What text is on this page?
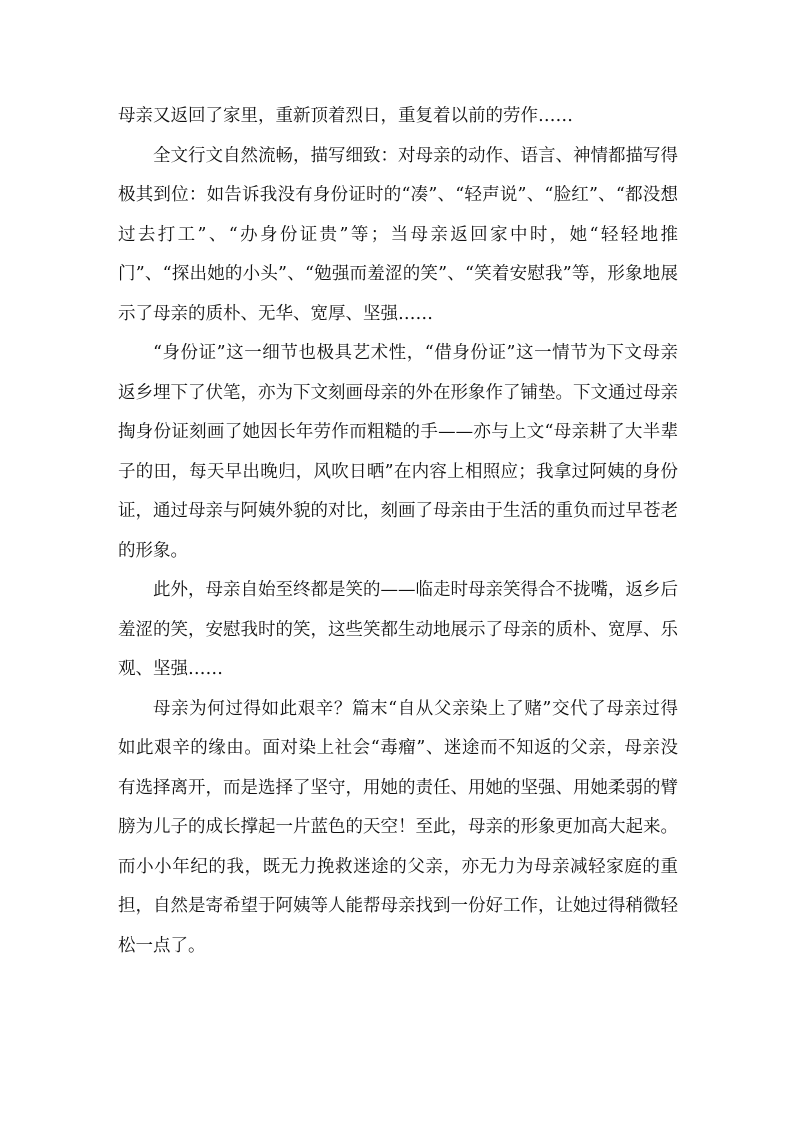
母亲又返回了家里，重新顶着烈日，重复着以前的劳作……

全文行文自然流畅，描写细致：对母亲的动作、语言、神情都描写得极其到位：如告诉我没有身份证时的“凑”、“轻声说”、“脸红”、“都没想过去打工”、“办身份证贵”等；当母亲返回家中时，她“轻轻地推门”、“探出她的小头”、“勉强而羞涩的笑”、“笑着安慰我”等，形象地展示了母亲的质朴、无华、宽厚、坚强……

“身份证”这一细节也极具艺术性，“借身份证”这一情节为下文母亲返乡埋下了伏笔，亦为下文刻画母亲的外在形象作了铺垫。下文通过母亲掏身份证刻画了她因长年劳作而粗糙的手——亦与上文“母亲耕了大半辈子的田，每天早出晚归，风吹日晒”在内容上相照应；我拿过阿姨的身份证，通过母亲与阿姨外貌的对比，刻画了母亲由于生活的重负而过早苍老的形象。

此外，母亲自始至终都是笑的——临走时母亲笑得合不拢嘴，返乡后羞涩的笑，安慰我时的笑，这些笑都生动地展示了母亲的质朴、宽厚、乐观、坚强……

母亲为何过得如此艰辛？篇末“自从父亲染上了赌”交代了母亲过得如此艰辛的缘由。面对染上社会“毒瘤”、迷途而不知返的父亲，母亲没有选择离开，而是选择了坚守，用她的责任、用她的坚强、用她柔弱的臂膀为儿子的成长撑起一片蓝色的天空！至此，母亲的形象更加高大起来。而小小年纪的我，既无力挽救迷途的父亲，亦无力为母亲减轻家庭的重担，自然是寄希望于阿姨等人能帮母亲找到一份好工作，让她过得稍微轻松一点了。
